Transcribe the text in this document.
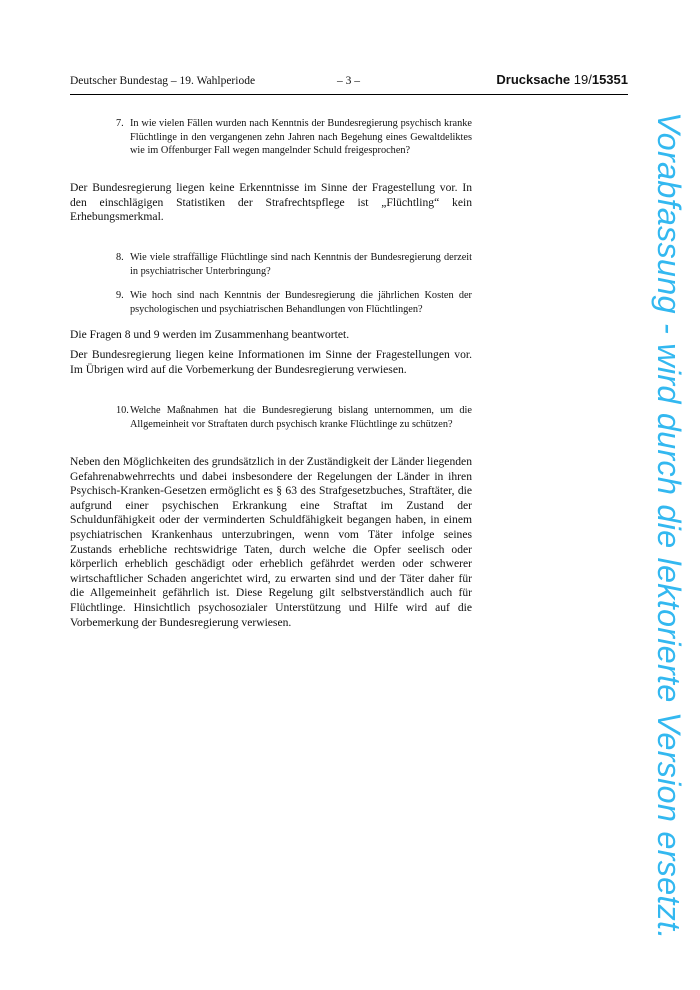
Deutscher Bundestag – 19. Wahlperiode	– 3 –	Drucksache 19/15351
7. In wie vielen Fällen wurden nach Kenntnis der Bundesregierung psychisch kranke Flüchtlinge in den vergangenen zehn Jahren nach Begehung eines Gewaltdeliktes wie im Offenburger Fall wegen mangelnder Schuld freigesprochen?

Der Bundesregierung liegen keine Erkenntnisse im Sinne der Fragestellung vor. In den einschlägigen Statistiken der Strafrechtspflege ist „Flüchtling“ kein Erhebungsmerkmal.

8. Wie viele straffällige Flüchtlinge sind nach Kenntnis der Bundesregierung derzeit in psychiatrischer Unterbringung?
9. Wie hoch sind nach Kenntnis der Bundesregierung die jährlichen Kosten der psychologischen und psychiatrischen Behandlungen von Flüchtlingen?

Die Fragen 8 und 9 werden im Zusammenhang beantwortet.

Der Bundesregierung liegen keine Informationen im Sinne der Fragestellungen vor. Im Übrigen wird auf die Vorbemerkung der Bundesregierung verwiesen.

10. Welche Maßnahmen hat die Bundesregierung bislang unternommen, um die Allgemeinheit vor Straftaten durch psychisch kranke Flüchtlinge zu schützen?

Neben den Möglichkeiten des grundsätzlich in der Zuständigkeit der Länder liegenden Gefahrenabwehrrechts und dabei insbesondere der Regelungen der Länder in ihren Psychisch-Kranken-Gesetzen ermöglicht es § 63 des Strafgesetzbuches, Straftäter, die aufgrund einer psychischen Erkrankung eine Straftat im Zustand der Schuldunfähigkeit oder der verminderten Schuldfähigkeit begangen haben, in einem psychiatrischen Krankenhaus unterzubringen, wenn vom Täter infolge seines Zustands erhebliche rechtswidrige Taten, durch welche die Opfer seelisch oder körperlich erheblich geschädigt oder erheblich gefährdet werden oder schwerer wirtschaftlicher Schaden angerichtet wird, zu erwarten sind und der Täter daher für die Allgemeinheit gefährlich ist. Diese Regelung gilt selbstverständlich auch für Flüchtlinge. Hinsichtlich psychosozialer Unterstützung und Hilfe wird auf die Vorbemerkung der Bundesregierung verwiesen.	Vorabfassung - wird durch die lektorierte Version ersetzt.
